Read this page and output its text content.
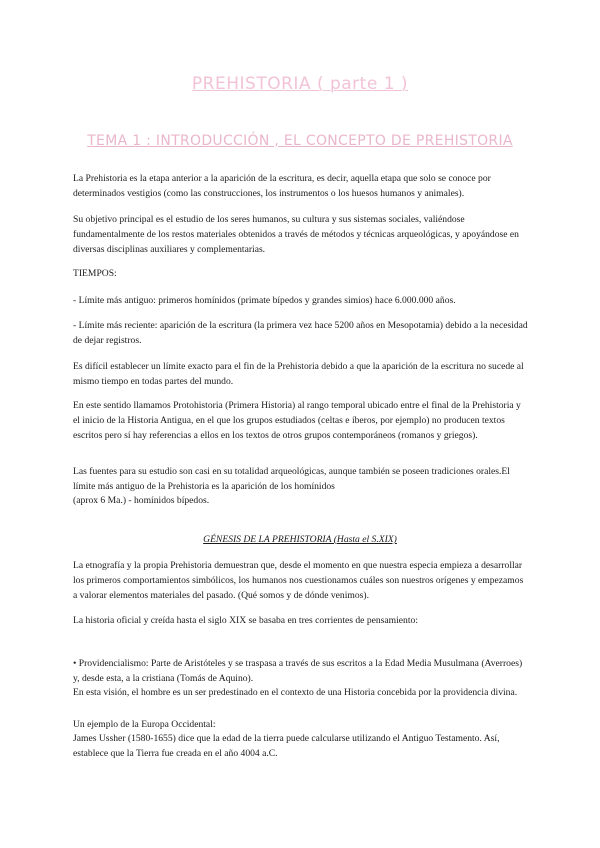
PREHISTORIA ( parte 1 )
TEMA 1 : INTRODUCCIÓN , EL CONCEPTO DE PREHISTORIA

La Prehistoria es la etapa anterior a la aparición de la escritura, es decir, aquella etapa que solo se conoce por determinados vestigios (como las construcciones, los instrumentos o los huesos humanos y animales).

Su objetivo principal es el estudio de los seres humanos, su cultura y sus sistemas sociales, valiéndose fundamentalmente de los restos materiales obtenidos a través de métodos y técnicas arqueológicas, y apoyándose en diversas disciplinas auxiliares y complementarias.

TIEMPOS:

- Límite más antiguo: primeros homínidos (primate bípedos y grandes simios) hace 6.000.000 años.

- Límite más reciente: aparición de la escritura (la primera vez hace 5200 años en Mesopotamia) debido a la necesidad de dejar registros.

Es difícil establecer un límite exacto para el fin de la Prehistoria debido a que la aparición de la escritura no sucede al mismo tiempo en todas partes del mundo.

En este sentido llamamos Protohistoria (Primera Historia) al rango temporal ubicado entre el final de la Prehistoria y el inicio de la Historia Antigua, en el que los grupos estudiados (celtas e íberos, por ejemplo) no producen textos escritos pero sí hay referencias a ellos en los textos de otros grupos contemporáneos (romanos y griegos).

Las fuentes para su estudio son casi en su totalidad arqueológicas, aunque también se poseen tradiciones orales.El límite más antiguo de la Prehistoria es la aparición de los homínidos

(aprox 6 Ma.) - homínidos bípedos.

GÉNESIS DE LA PREHISTORIA (Hasta el S.XIX)

La etnografía y la propia Prehistoria demuestran que, desde el momento en que nuestra especia empieza a desarrollar los primeros comportamientos simbólicos, los humanos nos cuestionamos cuáles son nuestros orígenes y empezamos a valorar elementos materiales del pasado. (Qué somos y de dónde venimos).

La historia oficial y creída hasta el siglo XIX se basaba en tres corrientes de pensamiento:

• Providencialismo: Parte de Aristóteles y se traspasa a través de sus escritos a la Edad Media Musulmana (Averroes) y, desde esta, a la cristiana (Tomás de Aquino).

En esta visión, el hombre es un ser predestinado en el contexto de una Historia concebida por la providencia divina.

Un ejemplo de la Europa Occidental:

James Ussher (1580-1655) dice que la edad de la tierra puede calcularse utilizando el Antiguo Testamento. Así, establece que la Tierra fue creada en el año 4004 a.C.
